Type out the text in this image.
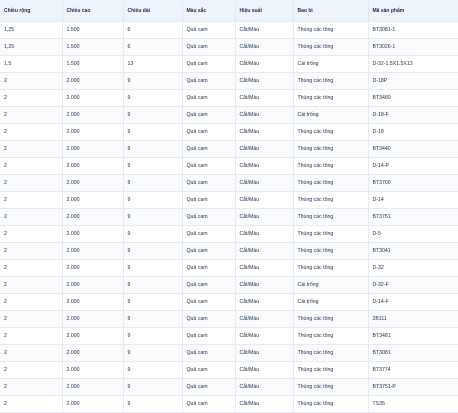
Chiều rộng	Chiều cao	Chiều dài	Màu sắc	Hiệu suất	Bao bì	Mã sản phẩm
1,25	1.500	6	Quả cam	Cắt/Màu	Thùng các tông	BT3081-1
1,25	1.500	6	Quả cam	Cắt/Màu	Thùng các tông	BT3026-1
1,5	1.500	13	Quả cam	Cắt/Màu	Cái trống	D-32-1.5X1.5X13
2	2.000	9	Quả cam	Cắt/Màu	Thùng các tông	D-18P
2	2.000	9	Quả cam	Cắt/Màu	Thùng các tông	BT3480
2	2.000	9	Quả cam	Cắt/Màu	Cái trống	D-18-F
2	2.000	9	Quả cam	Cắt/Màu	Thùng các tông	D-18
2	2.000	9	Quả cam	Cắt/Màu	Thùng các tông	BT3440
2	2.000	9	Quả cam	Cắt/Màu	Thùng các tông	D-14-P
2	2.000	9	Quả cam	Cắt/Màu	Thùng các tông	BT3700
2	2.000	9	Quả cam	Cắt/Màu	Thùng các tông	D-14
2	2.000	9	Quả cam	Cắt/Màu	Thùng các tông	BT3751
2	2.000	9	Quả cam	Cắt/Màu	Thùng các tông	D-5
2	2.000	9	Quả cam	Cắt/Màu	Thùng các tông	BT3041
2	2.000	9	Quả cam	Cắt/Màu	Thùng các tông	D-32
2	2.000	9	Quả cam	Cắt/Màu	Cái trống	D-32-F
2	2.000	9	Quả cam	Cắt/Màu	Cái trống	D-14-F
2	2.000	9	Quả cam	Cắt/Màu	Thùng các tông	2B111
2	2.000	9	Quả cam	Cắt/Màu	Thùng các tông	BT3481
2	2.000	9	Quả cam	Cắt/Màu	Thùng các tông	BT3081
2	2.000	9	Quả cam	Cắt/Màu	Thùng các tông	BT3774
2	2.000	9	Quả cam	Cắt/Màu	Thùng các tông	BT3751-P
2	2.000	9	Quả cam	Cắt/Màu	Thùng các tông	TS35
